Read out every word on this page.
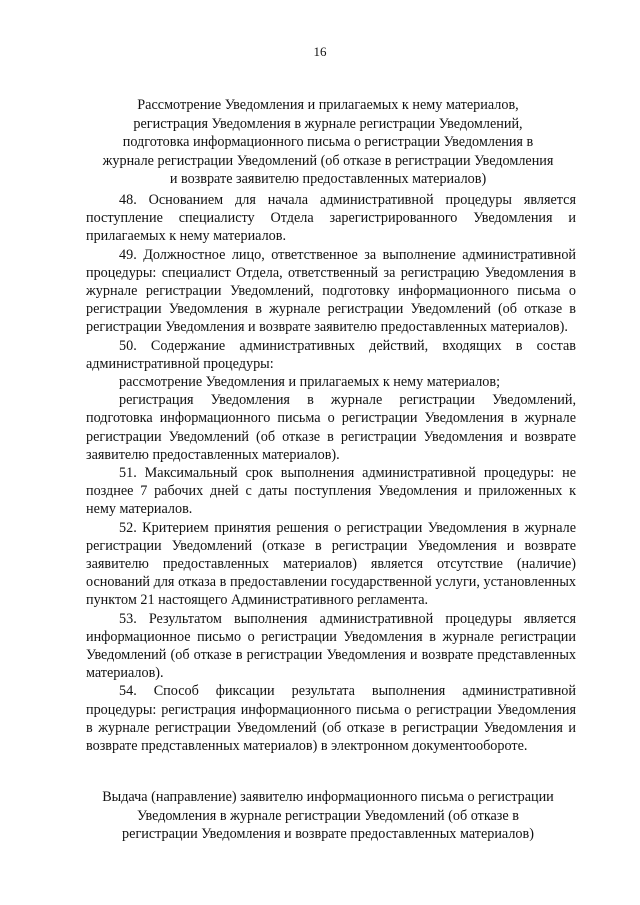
16
Рассмотрение Уведомления и прилагаемых к нему материалов,
регистрация Уведомления в журнале регистрации Уведомлений,
подготовка информационного письма о регистрации Уведомления в
журнале регистрации Уведомлений (об отказе в регистрации Уведомления
и возврате заявителю предоставленных материалов)

48. Основанием для начала административной процедуры является поступление специалисту Отдела зарегистрированного Уведомления и прилагаемых к нему материалов.

49. Должностное лицо, ответственное за выполнение административной процедуры: специалист Отдела, ответственный за регистрацию Уведомления в журнале регистрации Уведомлений, подготовку информационного письма о регистрации Уведомления в журнале регистрации Уведомлений (об отказе в регистрации Уведомления и возврате заявителю предоставленных материалов).

50. Содержание административных действий, входящих в состав административной процедуры:

рассмотрение Уведомления и прилагаемых к нему материалов;

регистрация Уведомления в журнале регистрации Уведомлений, подготовка информационного письма о регистрации Уведомления в журнале регистрации Уведомлений (об отказе в регистрации Уведомления и возврате заявителю предоставленных материалов).

51. Максимальный срок выполнения административной процедуры: не позднее 7 рабочих дней с даты поступления Уведомления и приложенных к нему материалов.

52. Критерием принятия решения о регистрации Уведомления в журнале регистрации Уведомлений (отказе в регистрации Уведомления и возврате заявителю предоставленных материалов) является отсутствие (наличие) оснований для отказа в предоставлении государственной услуги, установленных пунктом 21 настоящего Административного регламента.

53. Результатом выполнения административной процедуры является информационное письмо о регистрации Уведомления в журнале регистрации Уведомлений (об отказе в регистрации Уведомления и возврате представленных материалов).

54. Способ фиксации результата выполнения административной процедуры: регистрация информационного письма о регистрации Уведомления в журнале регистрации Уведомлений (об отказе в регистрации Уведомления и возврате представленных материалов) в электронном документообороте.

Выдача (направление) заявителю информационного письма о регистрации
Уведомления в журнале регистрации Уведомлений (об отказе в
регистрации Уведомления и возврате предоставленных материалов)
